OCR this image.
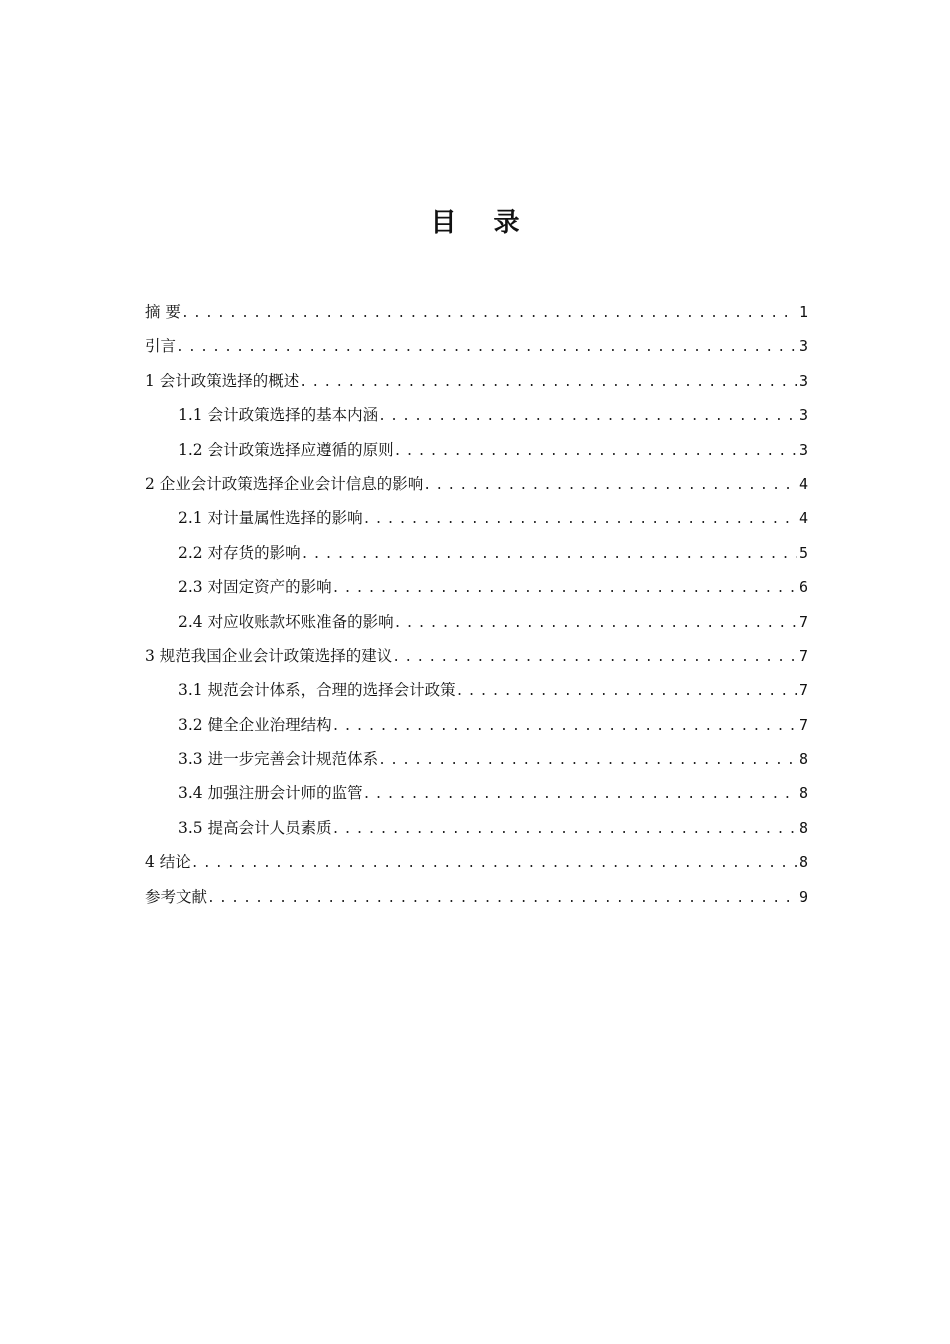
目 录
摘 要 .....	1
引言 .....	3
1 会计政策选择的概述 .....	3
1.1 会计政策选择的基本内涵 .....	3
1.2 会计政策选择应遵循的原则 .....	3
2 企业会计政策选择企业会计信息的影响 .....	4
2.1 对计量属性选择的影响 .....	4
2.2 对存货的影响 .....	5
2.3 对固定资产的影响 .....	6
2.4 对应收账款坏账准备的影响 .....	7
3 规范我国企业会计政策选择的建议 .....	7
3.1 规范会计体系，合理的选择会计政策 .....	7
3.2 健全企业治理结构 .....	7
3.3 进一步完善会计规范体系 .....	8
3.4 加强注册会计师的监管 .....	8
3.5 提高会计人员素质 .....	8
4 结论 .....	8
参考文献 .....	9
